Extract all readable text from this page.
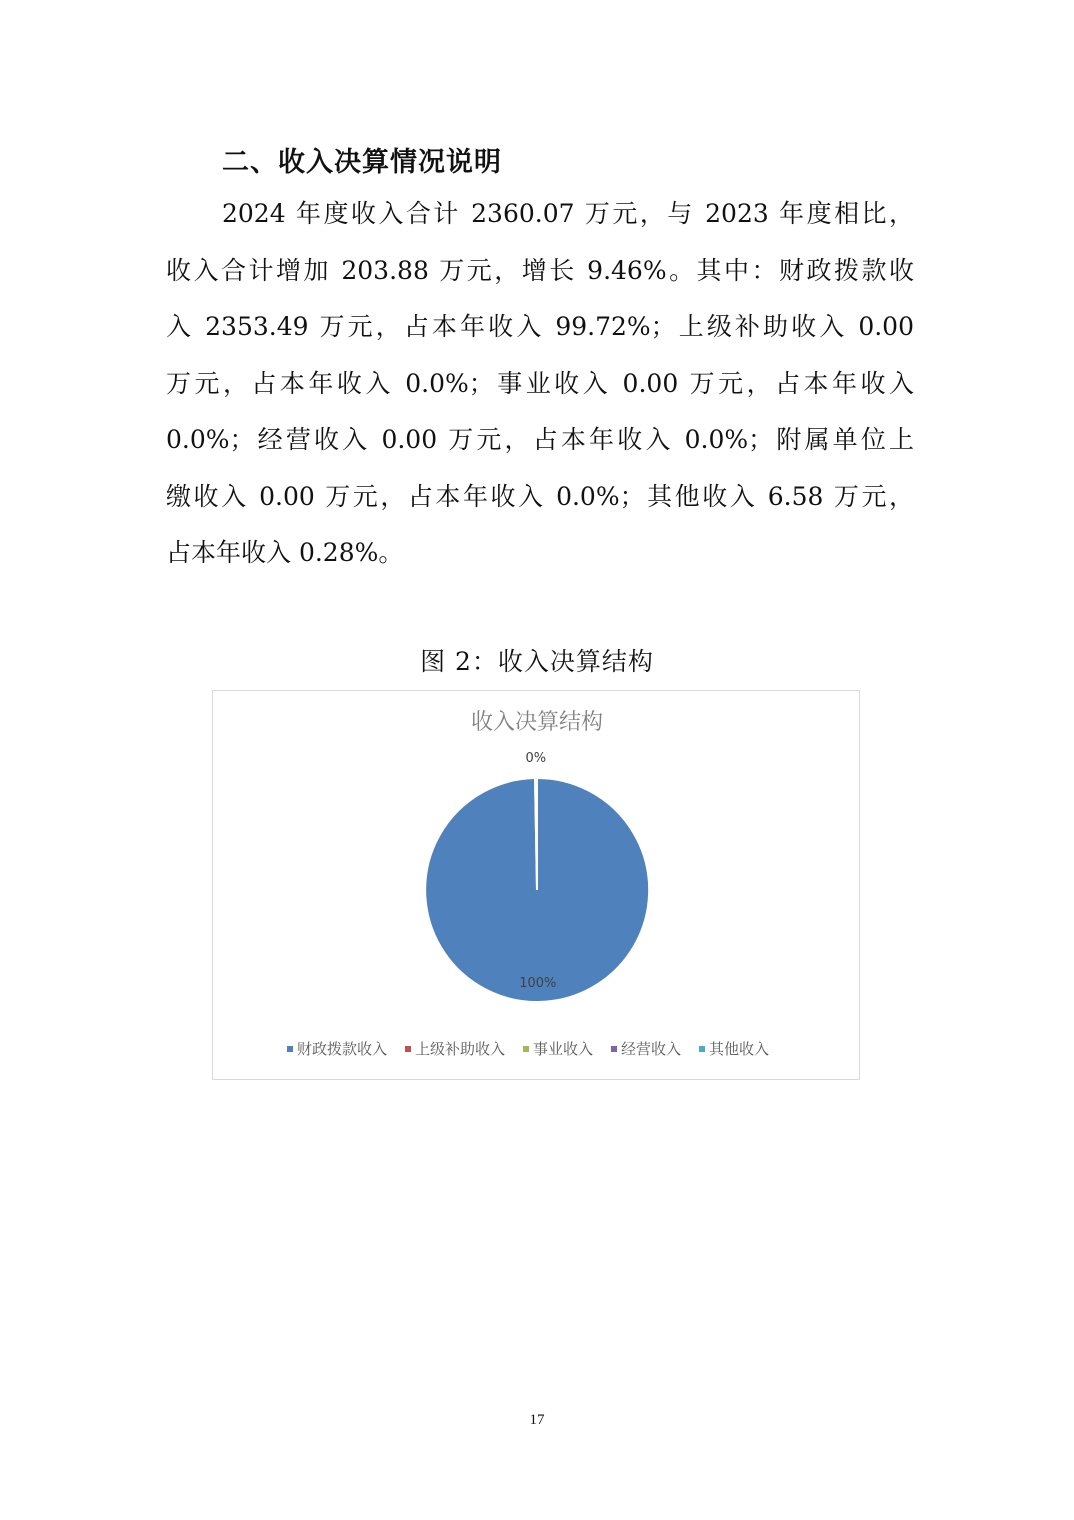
二、收入决算情况说明
2024 年度收入合计 2360.07 万元，与 2023 年度相比，
收入合计增加 203.88 万元，增长 9.46%。其中：财政拨款收
入 2353.49 万元，占本年收入 99.72%；上级补助收入 0.00
万元，占本年收入 0.0%；事业收入 0.00 万元，占本年收入
0.0%；经营收入 0.00 万元，占本年收入 0.0%；附属单位上
缴收入 0.00 万元，占本年收入 0.0%；其他收入 6.58 万元，
占本年收入 0.28%。
图 2：收入决算结构
收入决算结构
100%
0%
财政拨款收入 上级补助收入 事业收入 经营收入 其他收入
17
